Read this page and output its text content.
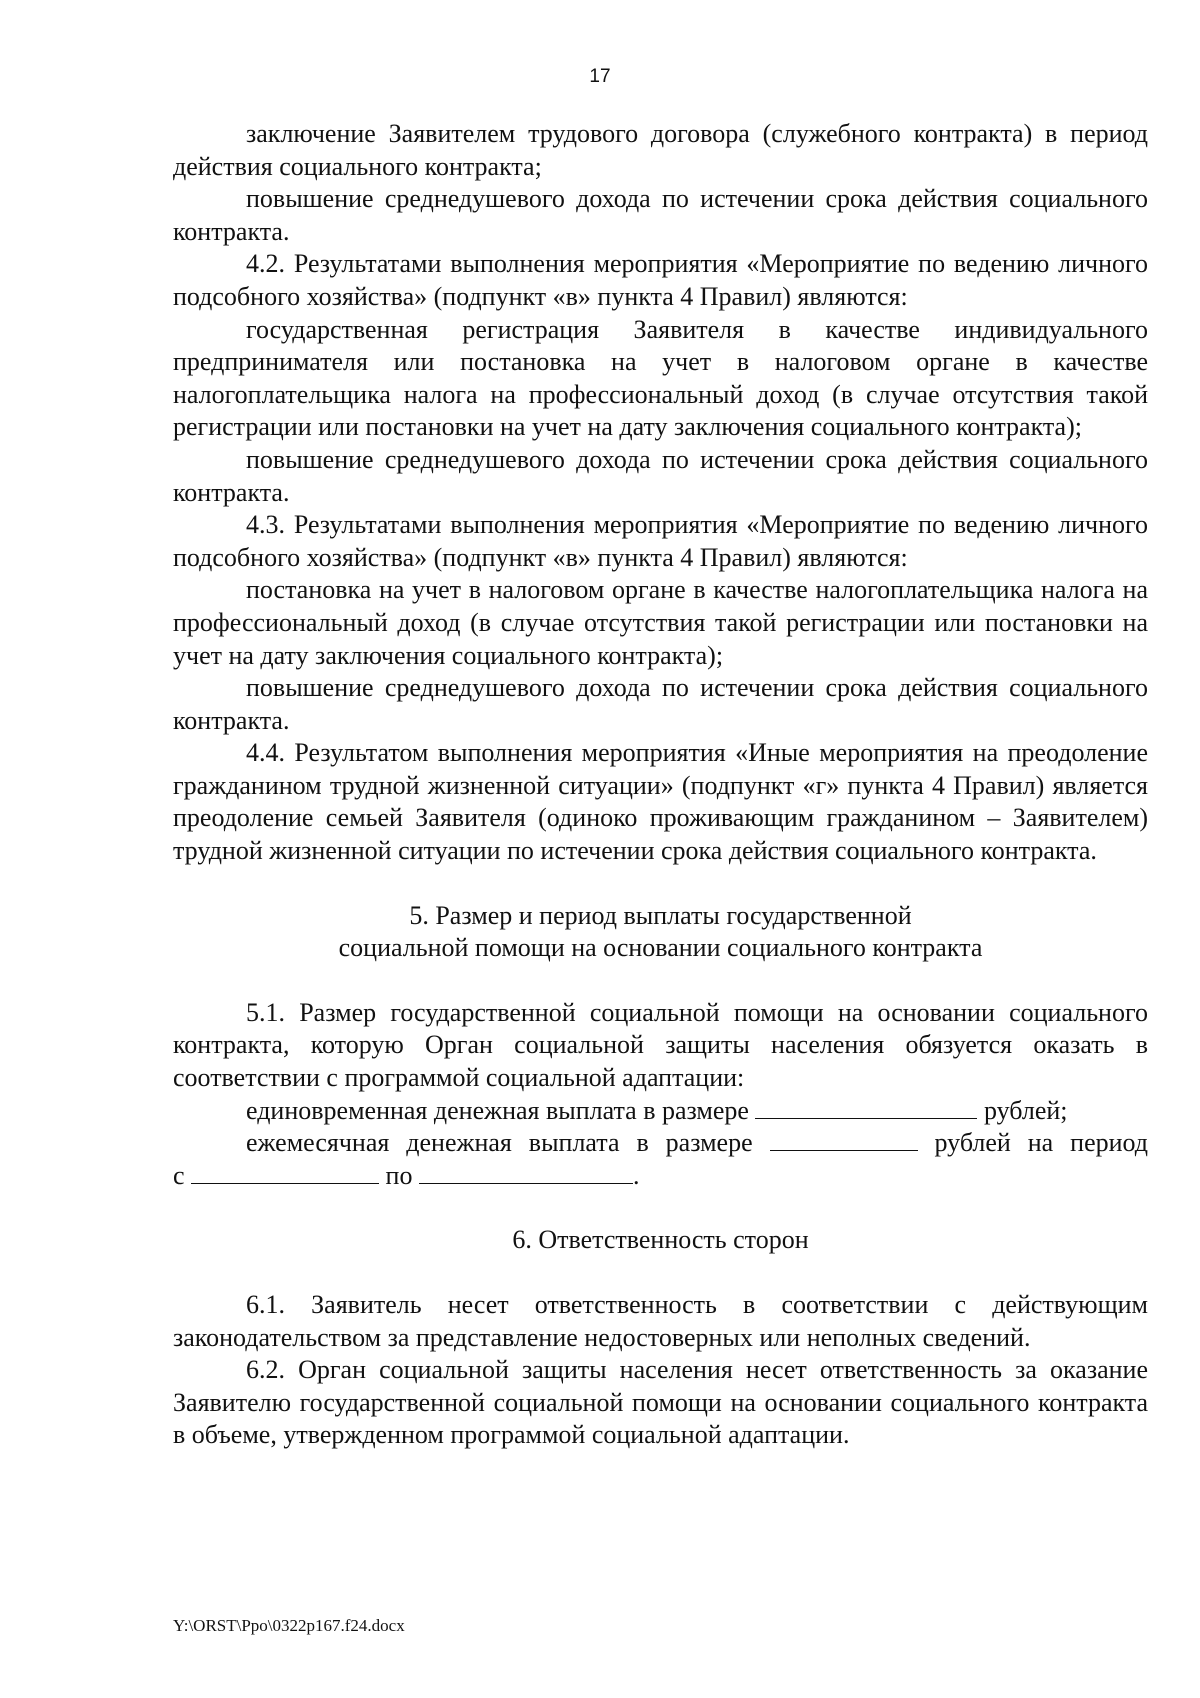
17

заключение Заявителем трудового договора (служебного контракта) в период действия социального контракта;

повышение среднедушевого дохода по истечении срока действия социального контракта.

4.2. Результатами выполнения мероприятия «Мероприятие по ведению личного подсобного хозяйства» (подпункт «в» пункта 4 Правил) являются:

государственная регистрация Заявителя в качестве индивидуального предпринимателя или постановка на учет в налоговом органе в качестве налогоплательщика налога на профессиональный доход (в случае отсутствия такой регистрации или постановки на учет на дату заключения социального контракта);

повышение среднедушевого дохода по истечении срока действия социального контракта.

4.3. Результатами выполнения мероприятия «Мероприятие по ведению личного подсобного хозяйства» (подпункт «в» пункта 4 Правил) являются:

постановка на учет в налоговом органе в качестве налогоплательщика налога на профессиональный доход (в случае отсутствия такой регистрации или постановки на учет на дату заключения социального контракта);

повышение среднедушевого дохода по истечении срока действия социального контракта.

4.4. Результатом выполнения мероприятия «Иные мероприятия на преодоление гражданином трудной жизненной ситуации» (подпункт «г» пункта 4 Правил) является преодоление семьей Заявителя (одиноко проживающим гражданином – Заявителем) трудной жизненной ситуации по истечении срока действия социального контракта.

5. Размер и период выплаты государственной

социальной помощи на основании социального контракта

5.1. Размер государственной социальной помощи на основании социального контракта, которую Орган социальной защиты населения обязуется оказать в соответствии с программой социальной адаптации:

единовременная денежная выплата в размере	рублей;

ежемесячная денежная выплата в размере	рублей на период

с	по	.

6. Ответственность сторон

6.1. Заявитель несет ответственность в соответствии с действующим законодательством за представление недостоверных или неполных сведений.

6.2. Орган социальной защиты населения несет ответственность за оказание Заявителю государственной социальной помощи на основании социального контракта в объеме, утвержденном программой социальной адаптации.

Y:\ORST\Ppo\0322p167.f24.docx
